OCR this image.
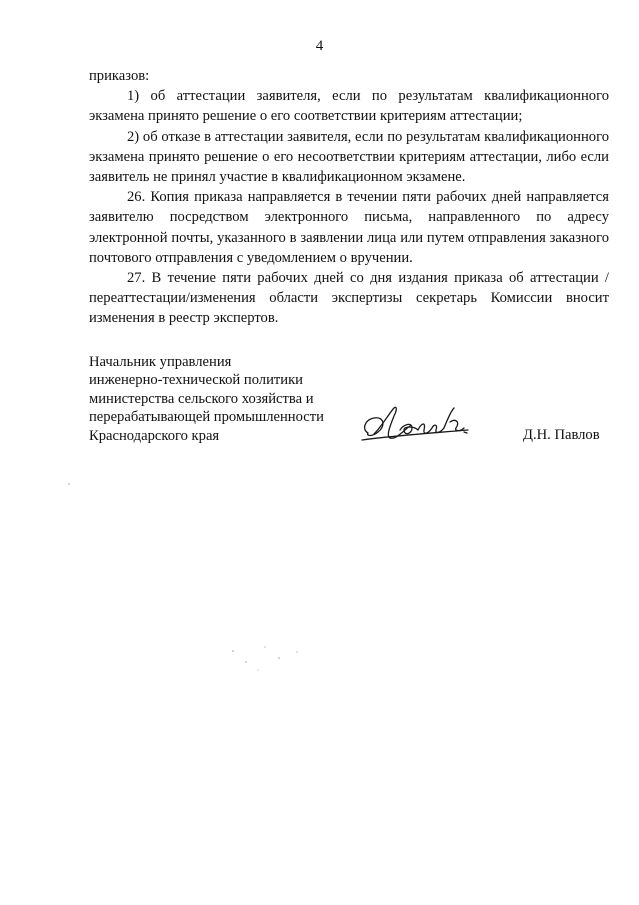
4

приказов:

1) об аттестации заявителя, если по результатам квалификационного экзамена принято решение о его соответствии критериям аттестации;

2) об отказе в аттестации заявителя, если по результатам квалификационного экзамена принято решение о его несоответствии критериям аттестации, либо если заявитель не принял участие в квалификационном экзамене.

26. Копия приказа направляется в течении пяти рабочих дней направляется заявителю посредством электронного письма, направленного по адресу электронной почты, указанного в заявлении лица или путем отправления заказного почтового отправления с уведомлением о вручении.

27. В течение пяти рабочих дней со дня издания приказа об аттестации /переаттестации/изменения области экспертизы секретарь Комиссии вносит изменения в реестр экспертов.

Начальник управления
инженерно-технической политики
министерства сельского хозяйства и
перерабатывающей промышленности
Краснодарского края	Д.Н. Павлов
